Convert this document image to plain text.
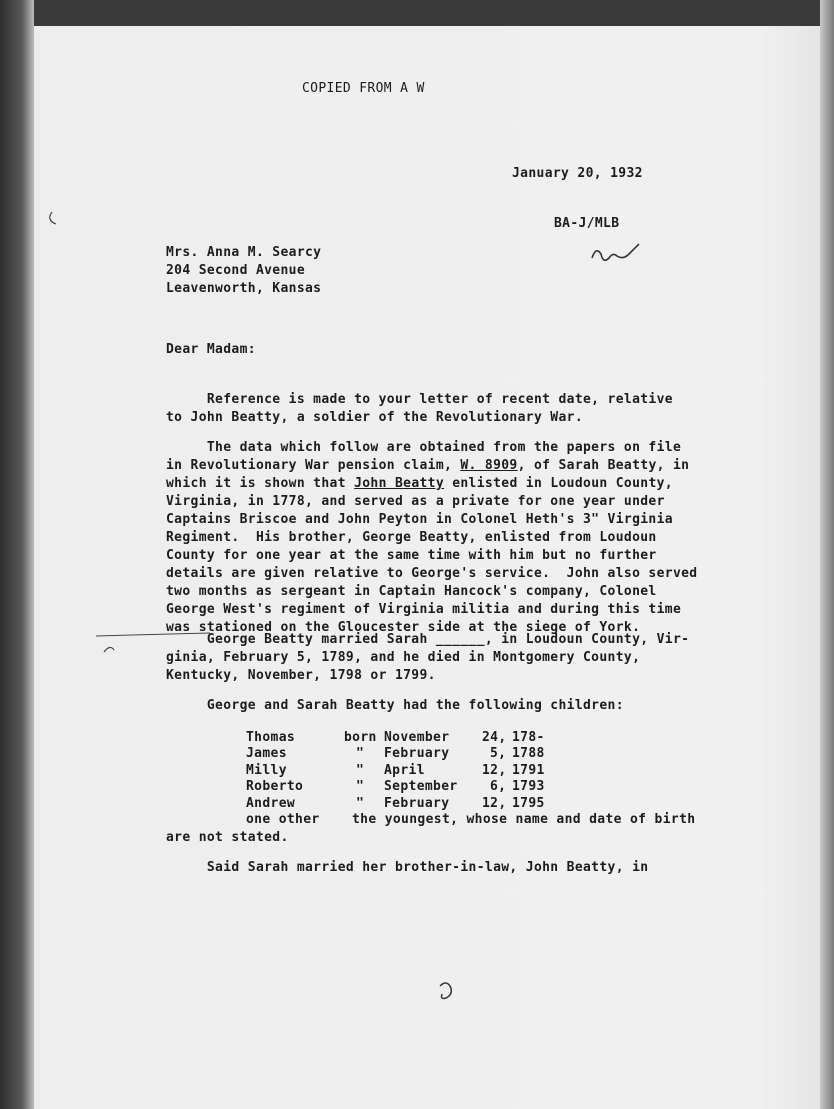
COPIED FROM A W
January 20, 1932
BA-J/MLB
Mrs. Anna M. Searcy
204 Second Avenue
Leavenworth, Kansas
Dear Madam:
Reference is made to your letter of recent date, relative
to John Beatty, a soldier of the Revolutionary War.
The data which follow are obtained from the papers on file
in Revolutionary War pension claim, W. 8909, of Sarah Beatty, in
which it is shown that John Beatty enlisted in Loudoun County,
Virginia, in 1778, and served as a private for one year under
Captains Briscoe and John Peyton in Colonel Heth's 3" Virginia
Regiment.  His brother, George Beatty, enlisted from Loudoun
County for one year at the same time with him but no further
details are given relative to George's service.  John also served
two months as sergeant in Captain Hancock's company, Colonel
George West's regiment of Virginia militia and during this time
was stationed on the Gloucester side at the siege of York.
George Beatty married Sarah ______, in Loudoun County, Vir-
ginia, February 5, 1789, and he died in Montgomery County,
Kentucky, November, 1798 or 1799.
George and Sarah Beatty had the following children:
Thomas	born November	24, 178-
James	" February	5, 1788
Milly	" April	12, 1791
Roberto	" September 6, 1793
Andrew	" February	12, 1795
one other the youngest, whose name and date of birth
are not stated.
Said Sarah married her brother-in-law, John Beatty, in
